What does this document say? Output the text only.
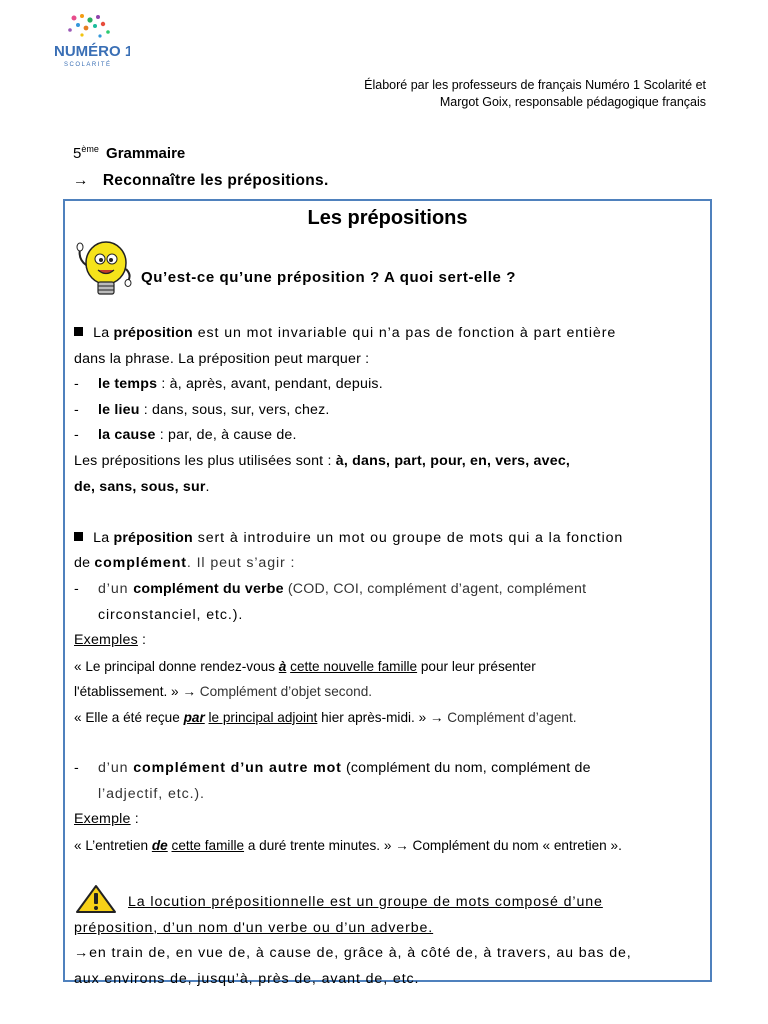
NUMÉRO 1
SCOLARITÉ
Élaboré par les professeurs de français Numéro 1 Scolarité et
Margot Goix, responsable pédagogique français
5ème Grammaire
→ Reconnaître les prépositions.
Les prépositions
Qu’est-ce qu’une préposition ? A quoi sert-elle ?

La préposition est un mot invariable qui n’a pas de fonction à part entière

dans la phrase. La préposition peut marquer :

- le temps : à, après, avant, pendant, depuis.

- le lieu : dans, sous, sur, vers, chez.

- la cause : par, de, à cause de.

Les prépositions les plus utilisées sont : à, dans, part, pour, en, vers, avec,

de, sans, sous, sur.

La préposition sert à introduire un mot ou groupe de mots qui a la fonction

de complément. Il peut s’agir :

- d’un complément du verbe (COD, COI, complément d’agent, complément

circonstanciel, etc.).

Exemples :

« Le principal donne rendez-vous à cette nouvelle famille pour leur présenter

l'établissement. » → Complément d’objet second.

« Elle a été reçue par le principal adjoint hier après-midi. » → Complément d’agent.

- d’un complément d’un autre mot (complément du nom, complément de

l’adjectif, etc.).

Exemple :

« L’entretien de cette famille a duré trente minutes. » → Complément du nom « entretien ».

La locution prépositionnelle est un groupe de mots composé d’une

préposition, d’un nom d'un verbe ou d’un adverbe.

→en train de, en vue de, à cause de, grâce à, à côté de, à travers, au bas de,

aux environs de, jusqu’à, près de, avant de, etc.
